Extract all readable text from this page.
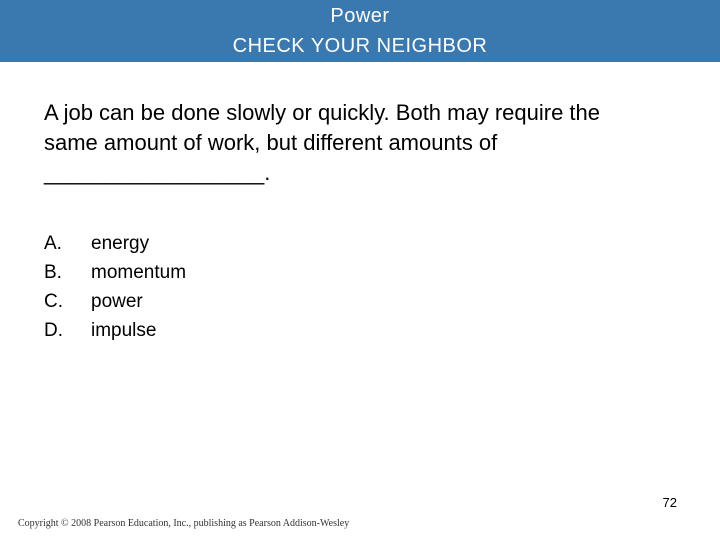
Power
CHECK YOUR NEIGHBOR
A job can be done slowly or quickly. Both may require the
same amount of work, but different amounts of
__________________.
A.	energy
B.	momentum
C.	power
D.	impulse
72
Copyright © 2008 Pearson Education, Inc., publishing as Pearson Addison-Wesley
